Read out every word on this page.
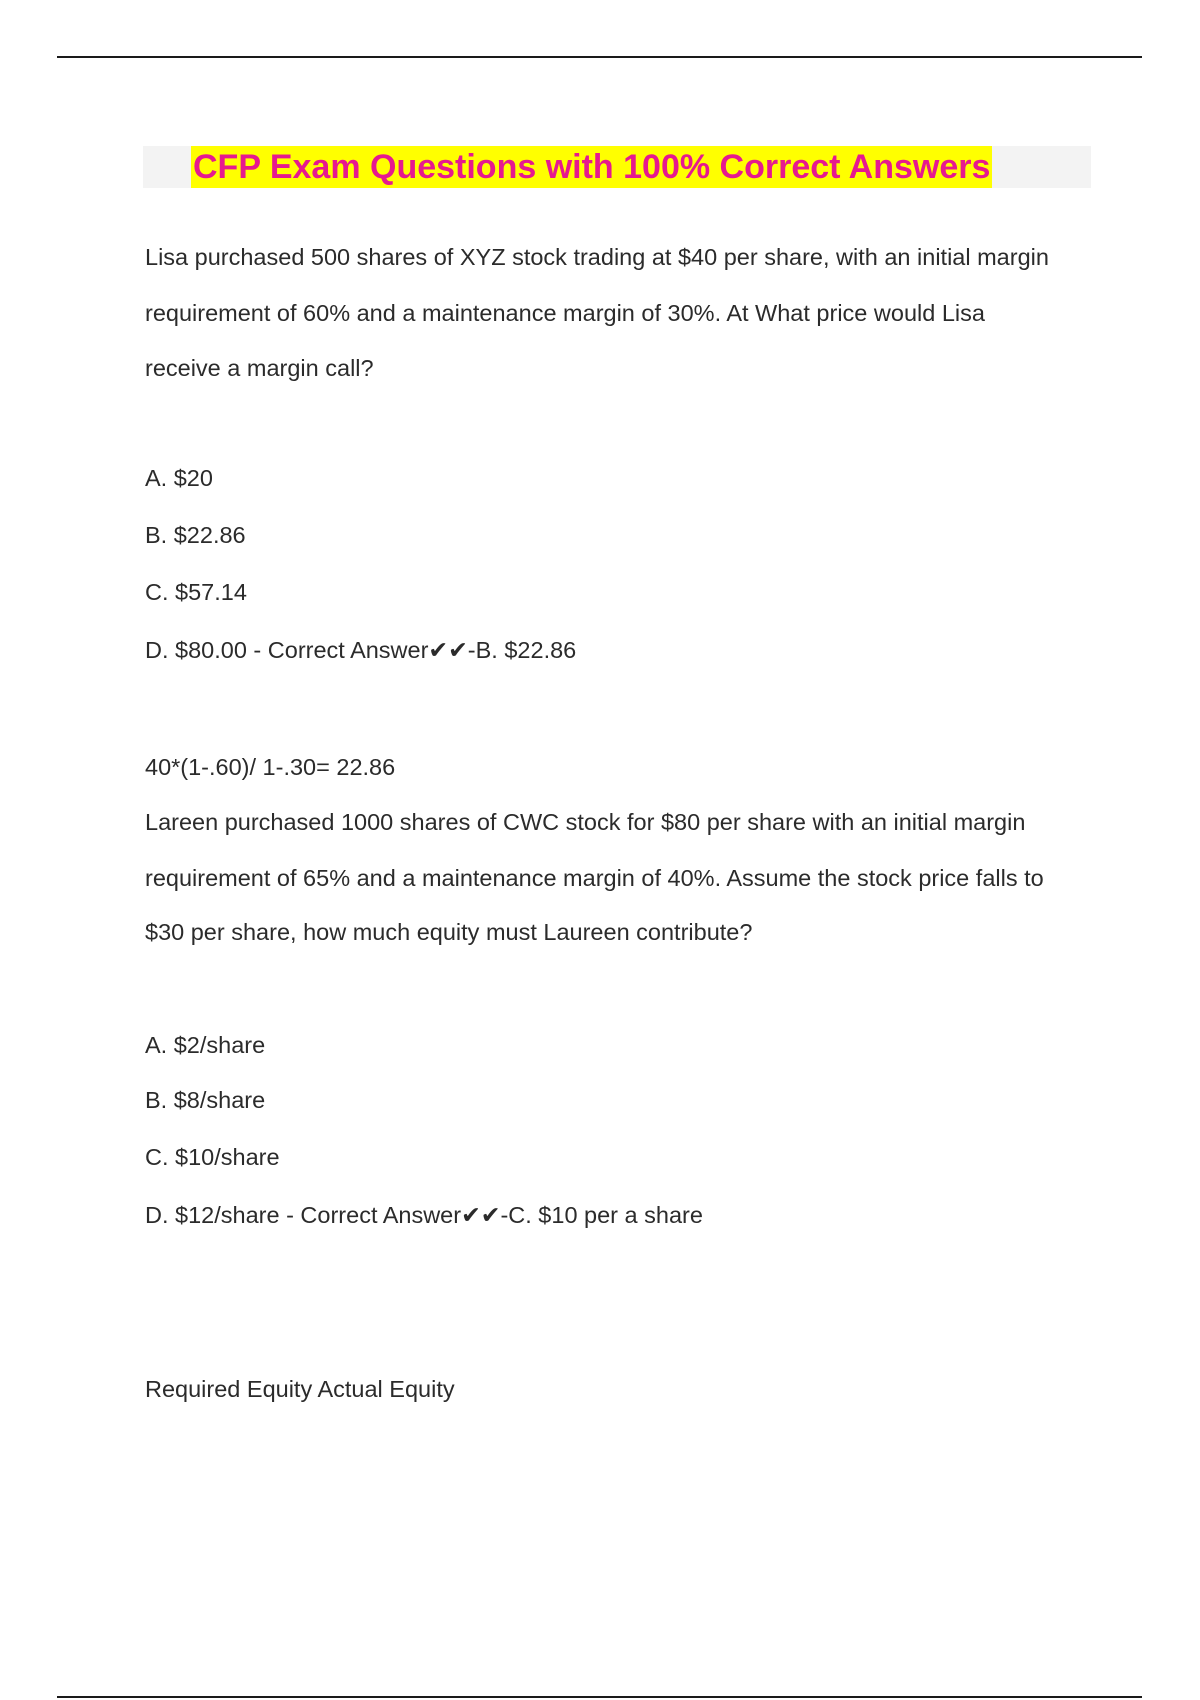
CFP Exam Questions with 100% Correct Answers
Lisa purchased 500 shares of XYZ stock trading at $40 per share, with an initial margin
requirement of 60% and a maintenance margin of 30%. At What price would Lisa
receive a margin call?
A. $20
B. $22.86
C. $57.14
D. $80.00 - Correct Answer✔✔-B. $22.86
40*(1-.60)/ 1-.30= 22.86
Lareen purchased 1000 shares of CWC stock for $80 per share with an initial margin
requirement of 65% and a maintenance margin of 40%. Assume the stock price falls to
$30 per share, how much equity must Laureen contribute?
A. $2/share
B. $8/share
C. $10/share
D. $12/share - Correct Answer✔✔-C. $10 per a share
Required Equity Actual Equity
